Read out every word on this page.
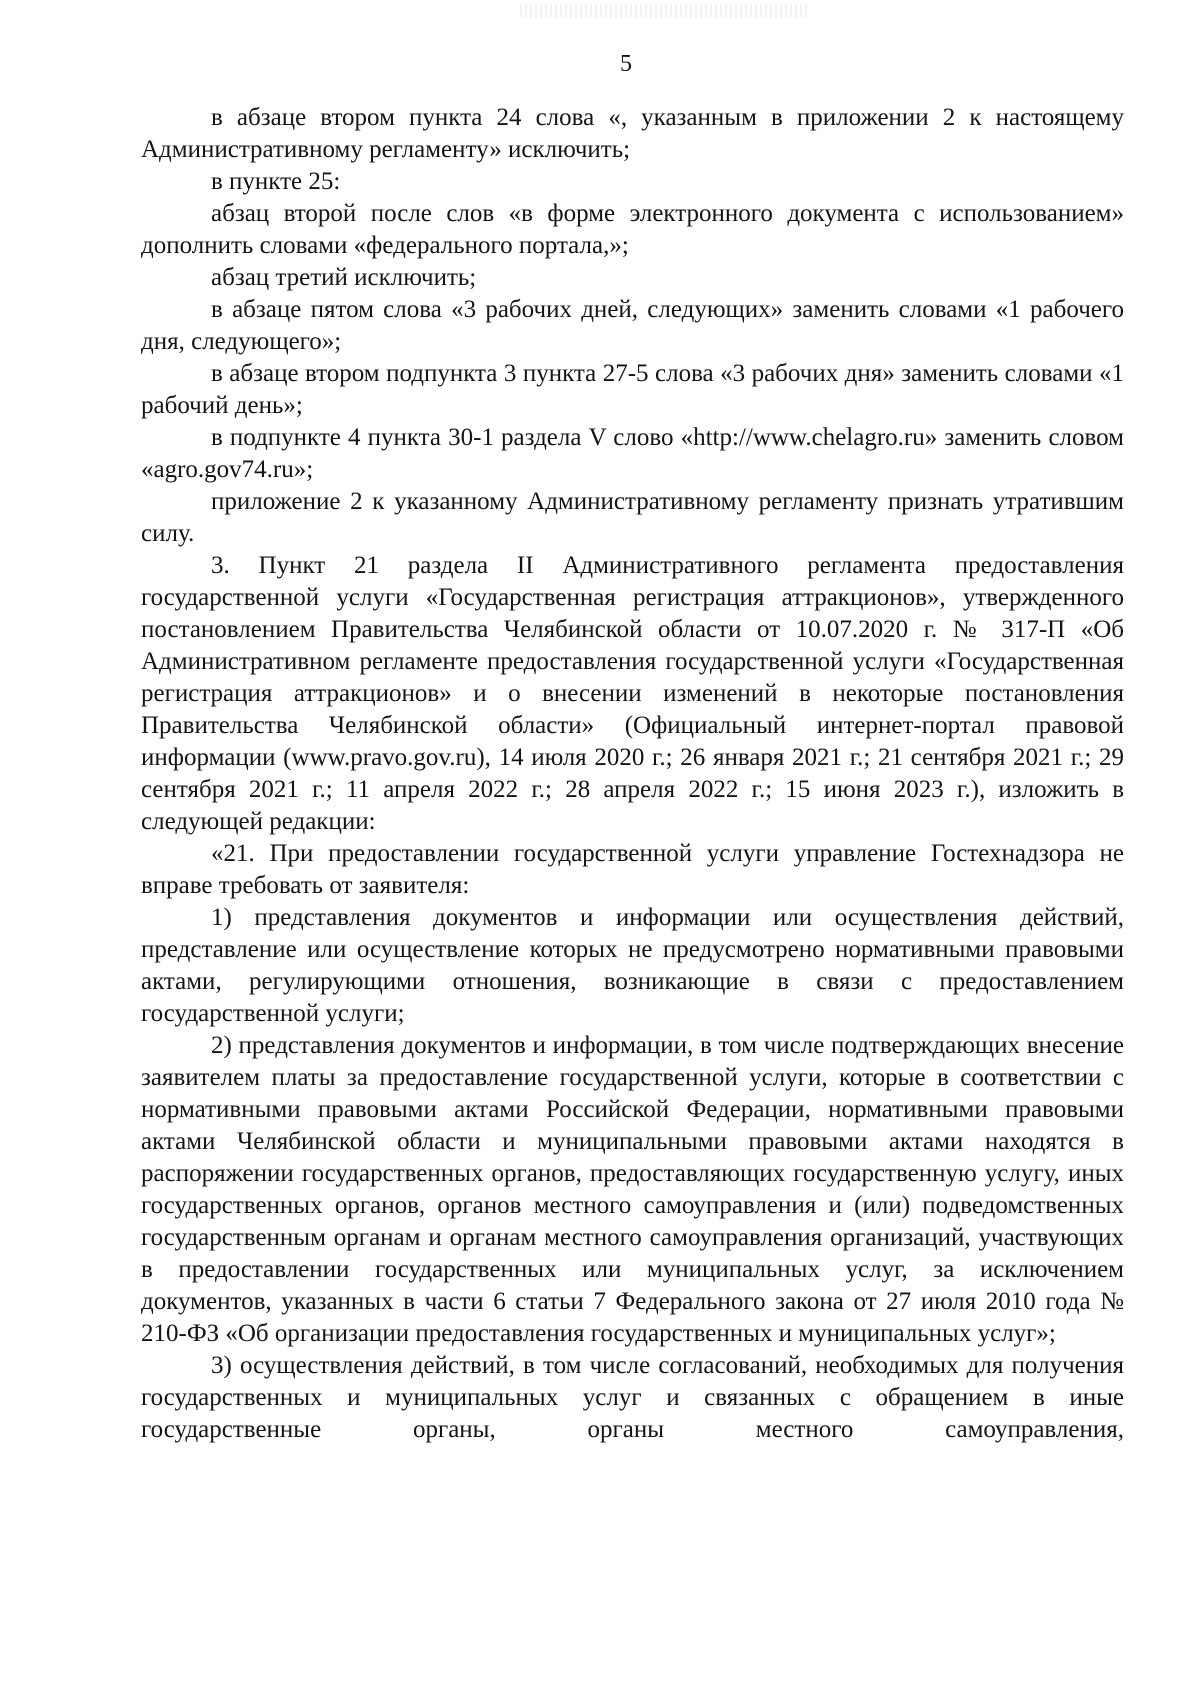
5

в абзаце втором пункта 24 слова «, указанным в приложении 2 к настоящему Административному регламенту» исключить;

в пункте 25:

абзац второй после слов «в форме электронного документа с использованием» дополнить словами «федерального портала,»;

абзац третий исключить;

в абзаце пятом слова «3 рабочих дней, следующих» заменить словами «1 рабочего дня, следующего»;

в абзаце втором подпункта 3 пункта 27-5 слова «3 рабочих дня» заменить словами «1 рабочий день»;

в подпункте 4 пункта 30-1 раздела V слово «http://www.chelagro.ru» заменить словом «agro.gov74.ru»;

приложение 2 к указанному Административному регламенту признать утратившим силу.

3. Пункт 21 раздела II Административного регламента предоставления государственной услуги «Государственная регистрация аттракционов», утвержденного постановлением Правительства Челябинской области от 10.07.2020 г. № 317-П «Об Административном регламенте предоставления государственной услуги «Государственная регистрация аттракционов» и о внесении изменений в некоторые постановления Правительства Челябинской области» (Официальный интернет-портал правовой информации (www.pravo.gov.ru), 14 июля 2020 г.; 26 января 2021 г.; 21 сентября 2021 г.; 29 сентября 2021 г.; 11 апреля 2022 г.; 28 апреля 2022 г.; 15 июня 2023 г.), изложить в следующей редакции:

«21. При предоставлении государственной услуги управление Гостехнадзора не вправе требовать от заявителя:

1) представления документов и информации или осуществления действий, представление или осуществление которых не предусмотрено нормативными правовыми актами, регулирующими отношения, возникающие в связи с предоставлением государственной услуги;

2) представления документов и информации, в том числе подтверждающих внесение заявителем платы за предоставление государственной услуги, которые в соответствии с нормативными правовыми актами Российской Федерации, нормативными правовыми актами Челябинской области и муниципальными правовыми актами находятся в распоряжении государственных органов, предоставляющих государственную услугу, иных государственных органов, органов местного самоуправления и (или) подведомственных государственным органам и органам местного самоуправления организаций, участвующих в предоставлении государственных или муниципальных услуг, за исключением документов, указанных в части 6 статьи 7 Федерального закона от 27 июля 2010 года № 210-ФЗ «Об организации предоставления государственных и муниципальных услуг»;

3) осуществления действий, в том числе согласований, необходимых для получения государственных и муниципальных услуг и связанных с обращением в иные государственные органы, органы местного самоуправления,
